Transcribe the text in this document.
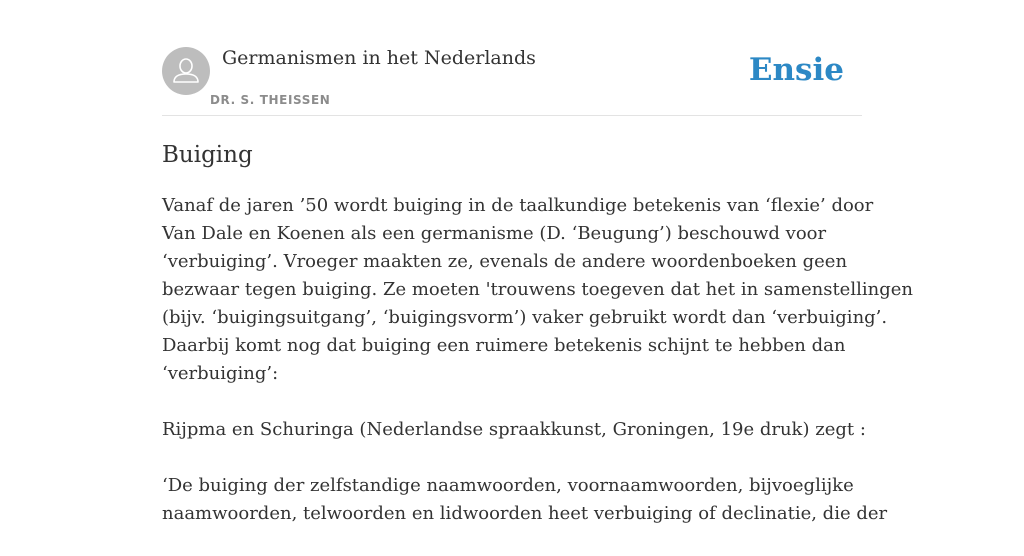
Germanismen in het Nederlands
DR. S. THEISSEN
Ensie
Buiging

Vanaf de jaren ’50 wordt buiging in de taalkundige betekenis van ‘flexie’ door
Van Dale en Koenen als een germanisme (D. ‘Beugung’) beschouwd voor
‘verbuiging’. Vroeger maakten ze, evenals de andere woordenboeken geen
bezwaar tegen buiging. Ze moeten 'trouwens toegeven dat het in samenstellingen
(bijv. ‘buigingsuitgang’, ‘buigingsvorm’) vaker gebruikt wordt dan ‘verbuiging’.
Daarbij komt nog dat buiging een ruimere betekenis schijnt te hebben dan
‘verbuiging’:

Rijpma en Schuringa (Nederlandse spraakkunst, Groningen, 19e druk) zegt :

‘De buiging der zelfstandige naamwoorden, voornaamwoorden, bijvoeglijke
naamwoorden, telwoorden en lidwoorden heet verbuiging of declinatie, die der
